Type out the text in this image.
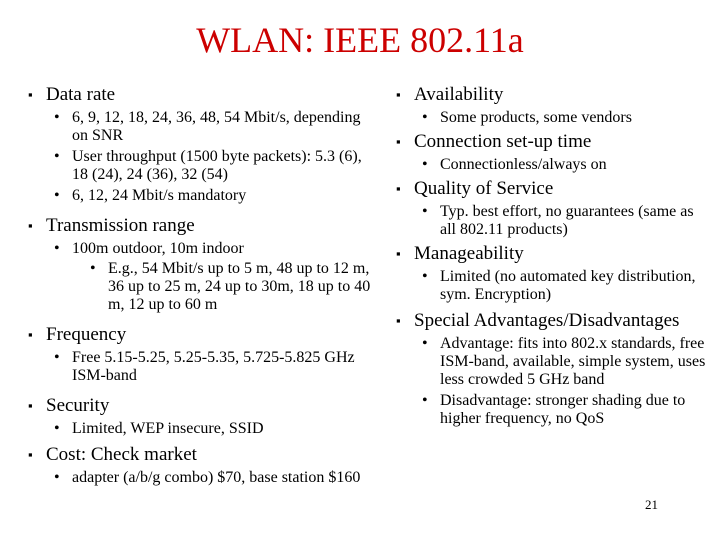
WLAN: IEEE 802.11a
▪ Data rate
• 6, 9, 12, 18, 24, 36, 48, 54 Mbit/s, depending on SNR
• User throughput (1500 byte packets): 5.3 (6), 18 (24), 24 (36), 32 (54)
• 6, 12, 24 Mbit/s mandatory
▪ Transmission range
• 100m outdoor, 10m indoor
• E.g., 54 Mbit/s up to 5 m, 48 up to 12 m, 36 up to 25 m, 24 up to 30m, 18 up to 40 m, 12 up to 60 m
▪ Frequency
• Free 5.15-5.25, 5.25-5.35, 5.725-5.825 GHz ISM-band
▪ Security
• Limited, WEP insecure, SSID
▪ Cost: Check market
• adapter (a/b/g combo) $70, base station $160
▪ Availability
• Some products, some vendors
▪ Connection set-up time
• Connectionless/always on
▪ Quality of Service
• Typ. best effort, no guarantees (same as all 802.11 products)
▪ Manageability
• Limited (no automated key distribution, sym. Encryption)
▪ Special Advantages/Disadvantages
• Advantage: fits into 802.x standards, free ISM-band, available, simple system, uses less crowded 5 GHz band
• Disadvantage: stronger shading due to higher frequency, no QoS
21
